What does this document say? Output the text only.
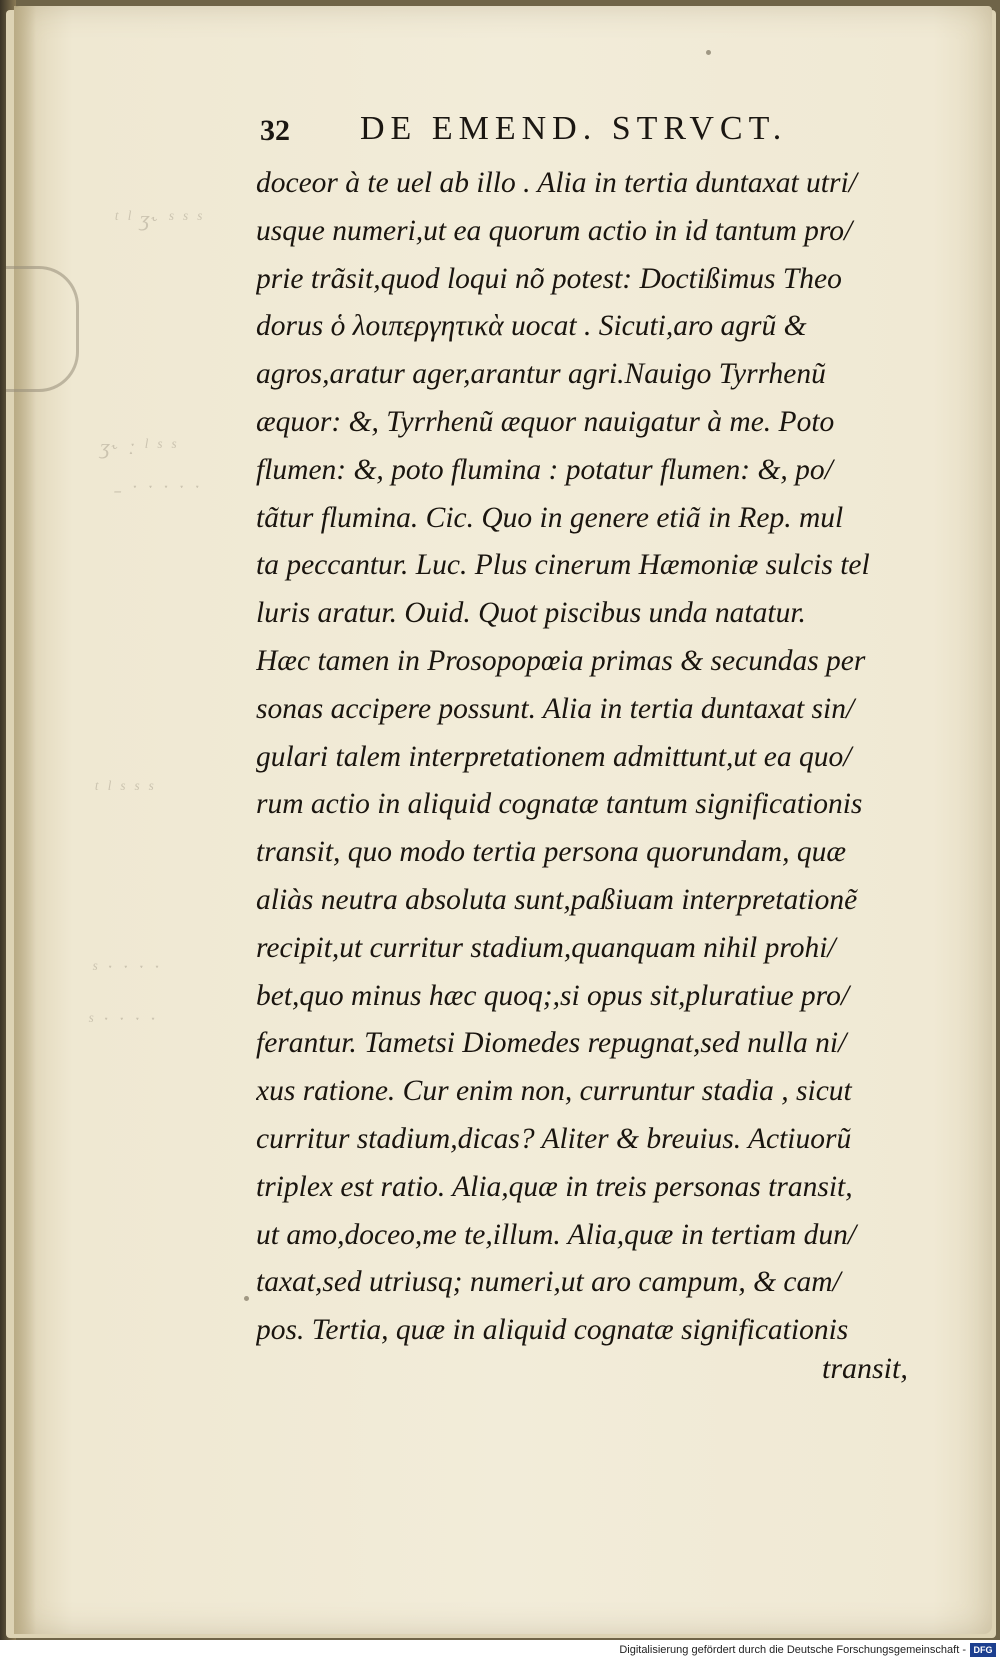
ᵗ ˡ ʒ˞ ˢ ˢ ˢ
ʒ˞ ː ˡ ˢ ˢ
˗ ˑ ˑ ˑ ˑ ˑ
ᵗ ˡ ˢ ˢ ˢ
ˢ ˑ ˑ ˑ ˑ
ˢ ˑ ˑ ˑ ˑ
32 DE EMEND. STRVCT.
doceor à te uel ab illo . Alia in tertia duntaxat utri/
usque numeri,ut ea quorum actio in id tantum pro/
prie trãsit,quod loqui nõ potest: Doctißimus Theo
dorus ὁ λοιπεργητικὰ uocat . Sicuti,aro agrũ &
agros,aratur ager,arantur agri.Nauigo Tyrrhenũ
æquor: &, Tyrrhenũ æquor nauigatur à me. Poto
flumen: &, poto flumina : potatur flumen: &, po/
tãtur flumina. Cic. Quo in genere etiã in Rep. mul
ta peccantur. Luc. Plus cinerum Hæmoniæ sulcis tel
luris aratur. Ouid. Quot piscibus unda natatur.
Hæc tamen in Prosopopœia primas & secundas per
sonas accipere possunt. Alia in tertia duntaxat sin/
gulari talem interpretationem admittunt,ut ea quo/
rum actio in aliquid cognatæ tantum significationis
transit, quo modo tertia persona quorundam, quæ
aliàs neutra absoluta sunt,paßiuam interpretationẽ
recipit,ut curritur stadium,quanquam nihil prohi/
bet,quo minus hæc quoq;,si opus sit,pluratiue pro/
ferantur. Tametsi Diomedes repugnat,sed nulla ni/
xus ratione. Cur enim non, curruntur stadia , sicut
curritur stadium,dicas? Aliter & breuius. Actiuorũ
triplex est ratio. Alia,quæ in treis personas transit,
ut amo,doceo,me te,illum. Alia,quæ in tertiam dun/
taxat,sed utriusq; numeri,ut aro campum, & cam/
pos. Tertia, quæ in aliquid cognatæ significationis
transit,
Digitalisierung gefördert durch die Deutsche Forschungsgemeinschaft - DFG
